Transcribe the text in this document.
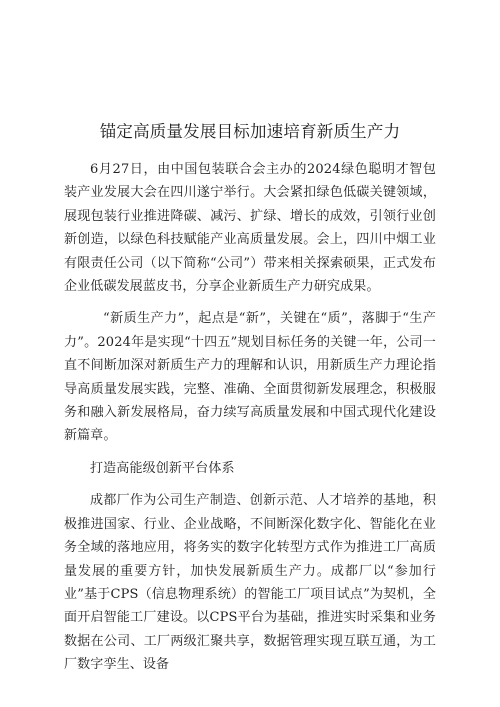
锚定高质量发展目标加速培育新质生产力

6月27日，由中国包装联合会主办的2024绿色聪明才智包装产业发展大会在四川遂宁举行。大会紧扣绿色低碳关键领域，展现包装行业推进降碳、减污、扩绿、增长的成效，引领行业创新创造，以绿色科技赋能产业高质量发展。会上，四川中烟工业有限责任公司（以下简称“公司”）带来相关探索硕果，正式发布企业低碳发展蓝皮书，分享企业新质生产力研究成果。

“新质生产力”，起点是“新”，关键在“质”，落脚于“生产力”。2024年是实现“十四五”规划目标任务的关键一年，公司一直不间断加深对新质生产力的理解和认识，用新质生产力理论指导高质量发展实践，完整、准确、全面贯彻新发展理念，积极服务和融入新发展格局，奋力续写高质量发展和中国式现代化建设新篇章。

打造高能级创新平台体系

成都厂作为公司生产制造、创新示范、人才培养的基地，积极推进国家、行业、企业战略，不间断深化数字化、智能化在业务全域的落地应用，将务实的数字化转型方式作为推进工厂高质量发展的重要方针，加快发展新质生产力。成都厂以“参加行业”基于CPS（信息物理系统）的智能工厂项目试点”为契机，全面开启智能工厂建设。以CPS平台为基础，推进实时采集和业务数据在公司、工厂两级汇聚共享，数据管理实现互联互通，为工厂数字孪生、设备
